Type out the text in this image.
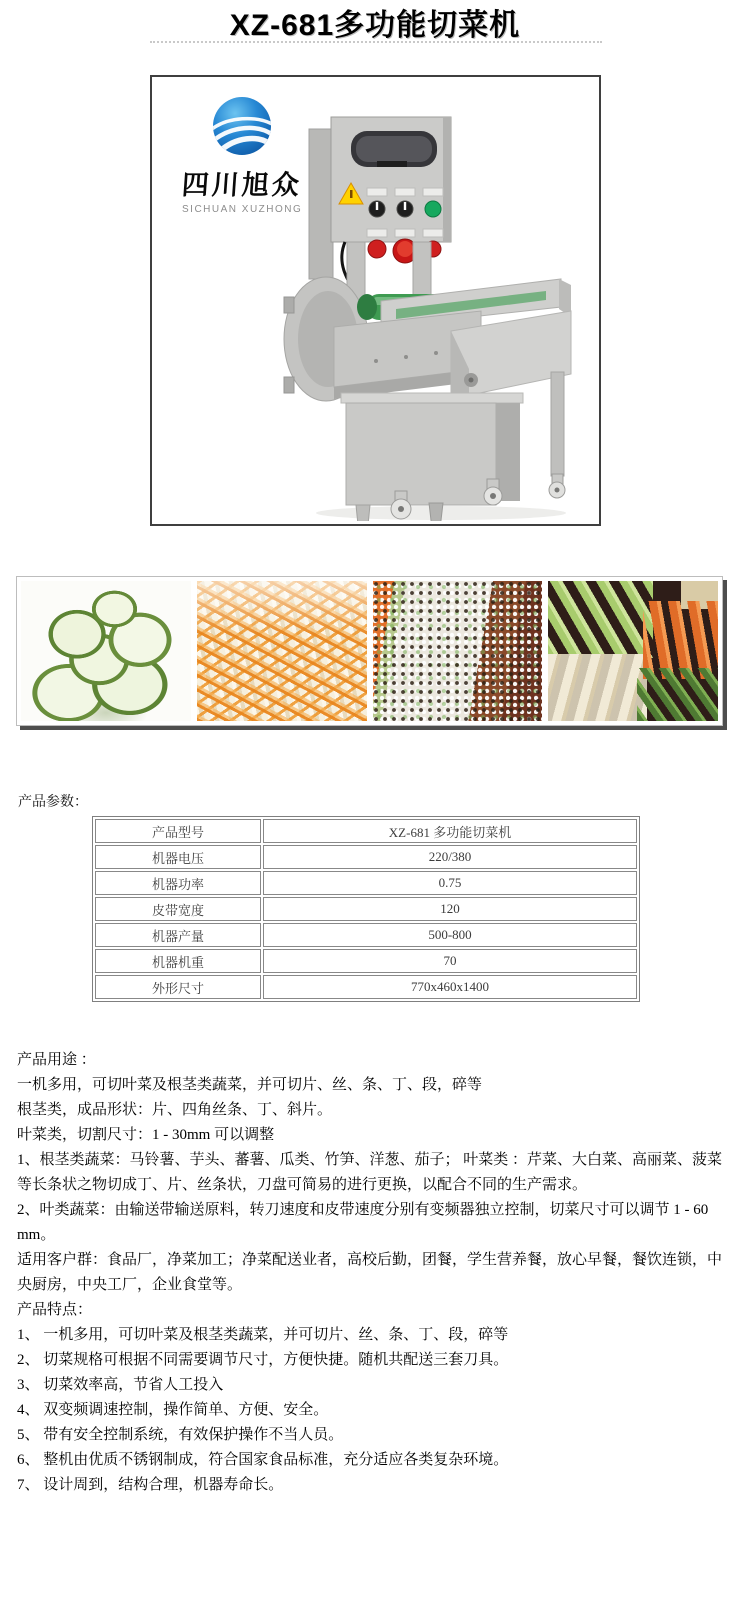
XZ-681多功能切菜机
四川旭众
SICHUAN XUZHONG
产品参数：
产品型号	XZ-681 多功能切菜机
机器电压	220/380
机器功率	0.75
皮带宽度	120
机器产量	500-800
机器机重	70
外形尺寸	770x460x1400
产品用途 ：
一机多用，可切叶菜及根茎类蔬菜，并可切片、丝、条、丁、段，碎等
根茎类，成品形状：片、四角丝条、丁、斜片。
叶菜类，切割尺寸：1 - 30mm 可以调整
1、根茎类蔬菜：马铃薯、芋头、蕃薯、瓜类、竹笋、洋葱、茄子； 叶菜类 ：芹菜、大白菜、高丽菜、菠菜等长条状之物切成丁、片、丝条状，刀盘可简易的进行更换，以配合不同的生产需求。
2、叶类蔬菜：由输送带输送原料，转刀速度和皮带速度分别有变频器独立控制，切菜尺寸可以调节 1 - 60 mm。
适用客户群：食品厂，净菜加工；净菜配送业者，高校后勤，团餐，学生营养餐，放心早餐，餐饮连锁，中央厨房，中央工厂，企业食堂等。
产品特点：
1、 一机多用，可切叶菜及根茎类蔬菜，并可切片、丝、条、丁、段，碎等
2、 切菜规格可根据不同需要调节尺寸，方便快捷。随机共配送三套刀具。
3、 切菜效率高，节省人工投入
4、 双变频调速控制，操作简单、方便、安全。
5、 带有安全控制系统，有效保护操作不当人员。
6、 整机由优质不锈钢制成，符合国家食品标准，充分适应各类复杂环境。
7、 设计周到，结构合理，机器寿命长。
